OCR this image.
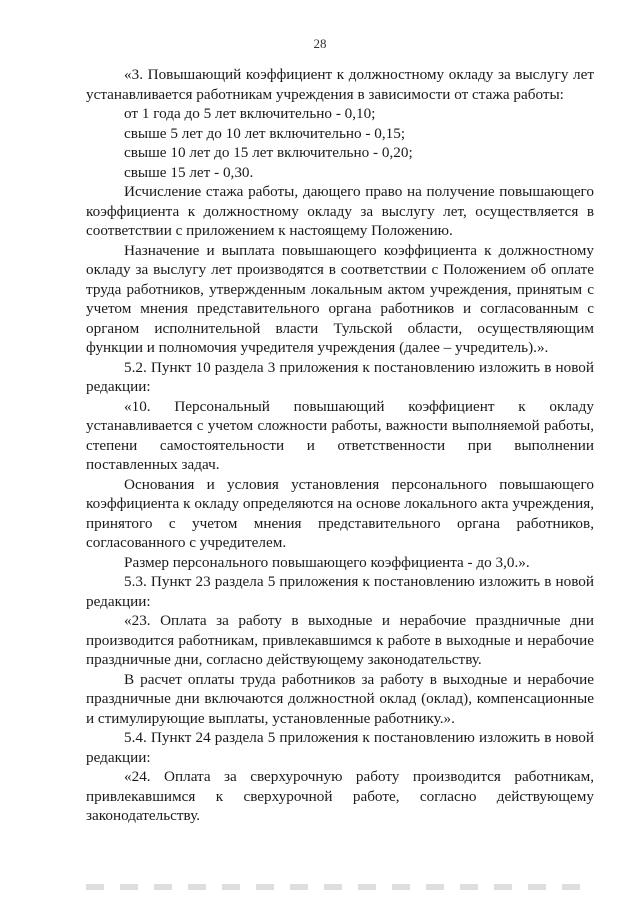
28

«3. Повышающий коэффициент к должностному окладу за выслугу лет устанавливается работникам учреждения в зависимости от стажа работы:

от 1 года до 5 лет включительно - 0,10;

свыше 5 лет до 10 лет включительно - 0,15;

свыше 10 лет до 15 лет включительно - 0,20;

свыше 15 лет - 0,30.

Исчисление стажа работы, дающего право на получение повышающего коэффициента к должностному окладу за выслугу лет, осуществляется в соответствии с приложением к настоящему Положению.

Назначение и выплата повышающего коэффициента к должностному окладу за выслугу лет производятся в соответствии с Положением об оплате труда работников, утвержденным локальным актом учреждения, принятым с учетом мнения представительного органа работников и согласованным с органом исполнительной власти Тульской области, осуществляющим функции и полномочия учредителя учреждения (далее – учредитель).».

5.2. Пункт 10 раздела 3 приложения к постановлению изложить в новой редакции:

«10. Персональный повышающий коэффициент к окладу устанавливается с учетом сложности работы, важности выполняемой работы, степени самостоятельности и ответственности при выполнении поставленных задач.

Основания и условия установления персонального повышающего коэффициента к окладу определяются на основе локального акта учреждения, принятого с учетом мнения представительного органа работников, согласованного с учредителем.

Размер персонального повышающего коэффициента - до 3,0.».

5.3. Пункт 23 раздела 5 приложения к постановлению изложить в новой редакции:

«23. Оплата за работу в выходные и нерабочие праздничные дни производится работникам, привлекавшимся к работе в выходные и нерабочие праздничные дни, согласно действующему законодательству.

В расчет оплаты труда работников за работу в выходные и нерабочие праздничные дни включаются должностной оклад (оклад), компенсационные и стимулирующие выплаты, установленные работнику.».

5.4. Пункт 24 раздела 5 приложения к постановлению изложить в новой редакции:

«24. Оплата за сверхурочную работу производится работникам, привлекавшимся к сверхурочной работе, согласно действующему законодательству.
